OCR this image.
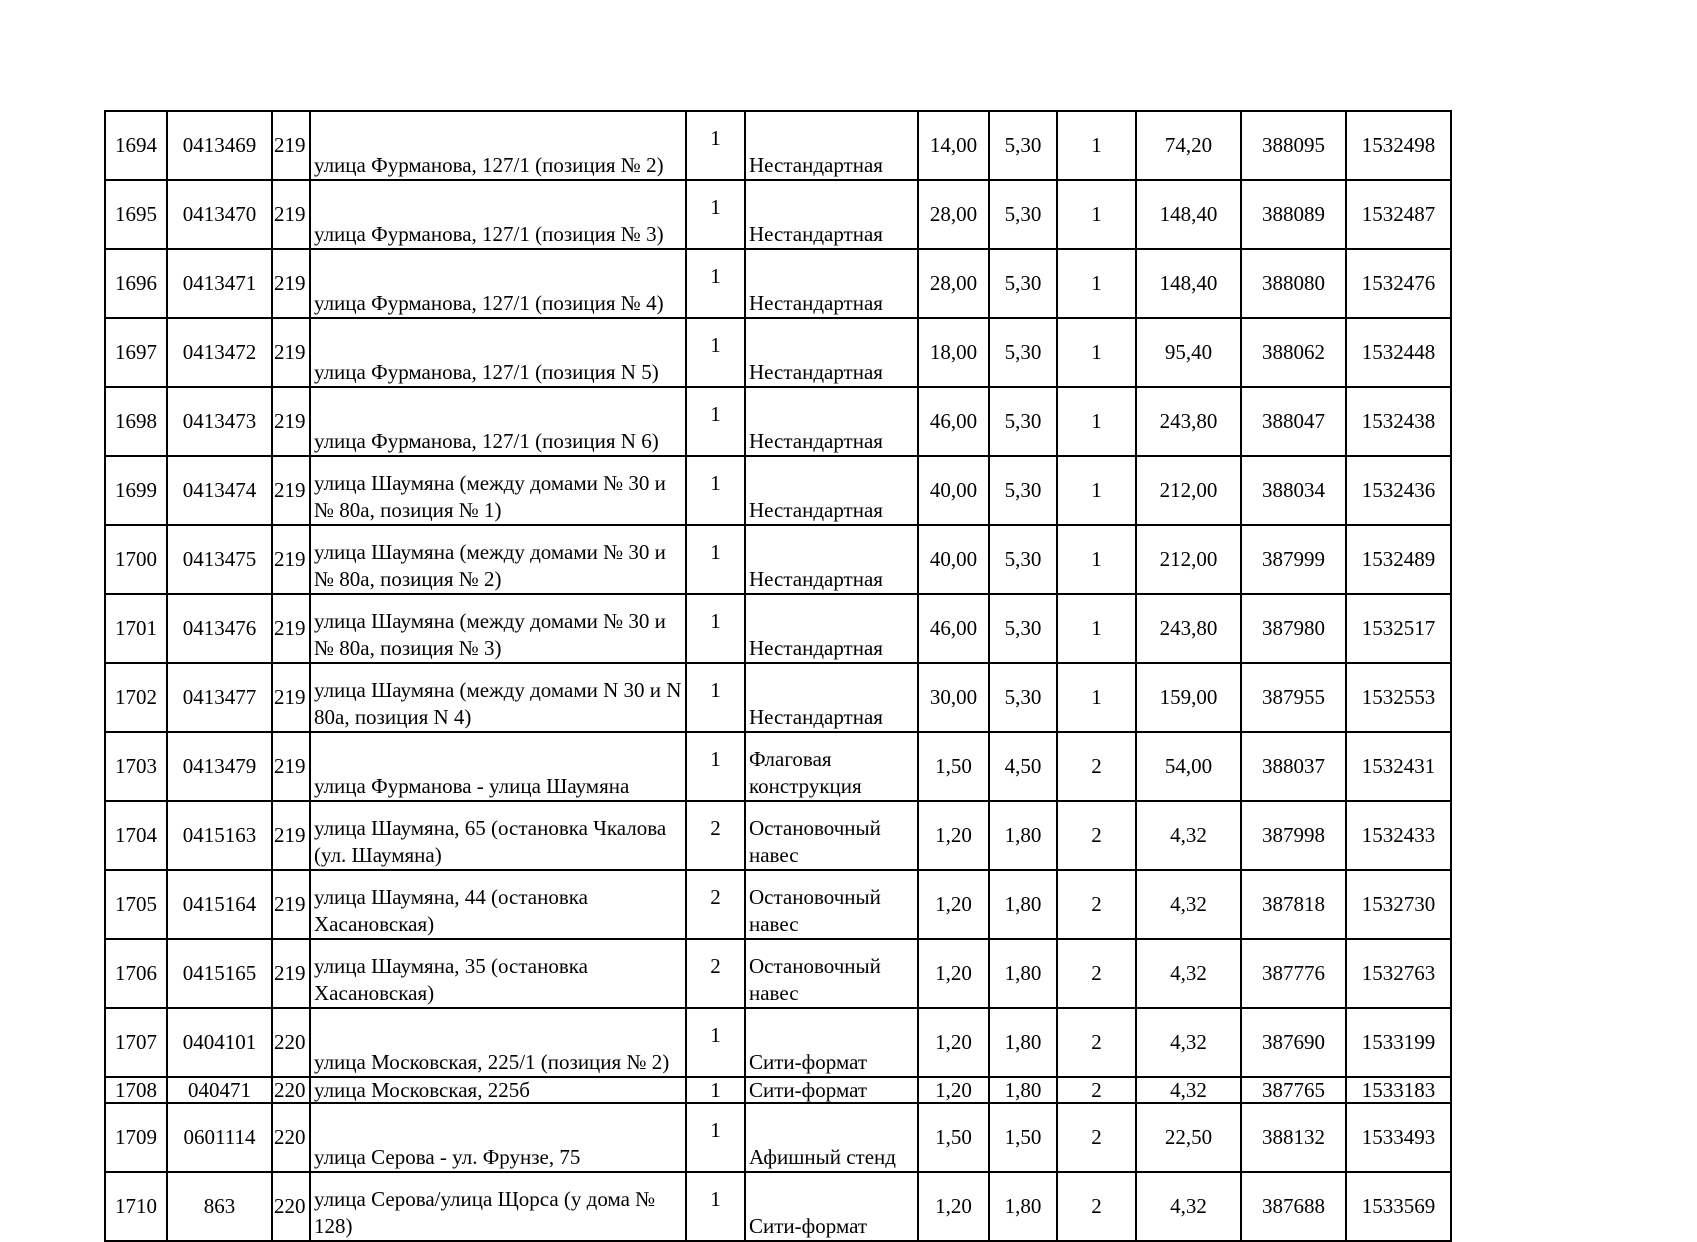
1694	0413469	219	улица Фурманова, 127/1 (позиция № 2)	1	Нестандартная	14,00	5,30	1	74,20	388095	1532498
1695	0413470	219	улица Фурманова, 127/1 (позиция № 3)	1	Нестандартная	28,00	5,30	1	148,40	388089	1532487
1696	0413471	219	улица Фурманова, 127/1 (позиция № 4)	1	Нестандартная	28,00	5,30	1	148,40	388080	1532476
1697	0413472	219	улица Фурманова, 127/1 (позиция N 5)	1	Нестандартная	18,00	5,30	1	95,40	388062	1532448
1698	0413473	219	улица Фурманова, 127/1 (позиция N 6)	1	Нестандартная	46,00	5,30	1	243,80	388047	1532438
1699	0413474	219	улица Шаумяна (между домами № 30 и № 80а, позиция № 1)	1	Нестандартная	40,00	5,30	1	212,00	388034	1532436
1700	0413475	219	улица Шаумяна (между домами № 30 и № 80а, позиция № 2)	1	Нестандартная	40,00	5,30	1	212,00	387999	1532489
1701	0413476	219	улица Шаумяна (между домами № 30 и № 80а, позиция № 3)	1	Нестандартная	46,00	5,30	1	243,80	387980	1532517
1702	0413477	219	улица Шаумяна (между домами N 30 и N 80а, позиция N 4)	1	Нестандартная	30,00	5,30	1	159,00	387955	1532553
1703	0413479	219	улица Фурманова - улица Шаумяна	1	Флаговая конструкция	1,50	4,50	2	54,00	388037	1532431
1704	0415163	219	улица Шаумяна, 65 (остановка Чкалова (ул. Шаумяна)	2	Остановочный навес	1,20	1,80	2	4,32	387998	1532433
1705	0415164	219	улица Шаумяна, 44 (остановка Хасановская)	2	Остановочный навес	1,20	1,80	2	4,32	387818	1532730
1706	0415165	219	улица Шаумяна, 35 (остановка Хасановская)	2	Остановочный навес	1,20	1,80	2	4,32	387776	1532763
1707	0404101	220	улица Московская, 225/1 (позиция № 2)	1	Сити-формат	1,20	1,80	2	4,32	387690	1533199
1708	040471	220	улица Московская, 225б	1	Сити-формат	1,20	1,80	2	4,32	387765	1533183
1709	0601114	220	улица Серова - ул. Фрунзе, 75	1	Афишный стенд	1,50	1,50	2	22,50	388132	1533493
1710	863	220	улица Серова/улица Щорса (у дома № 128)	1	Сити-формат	1,20	1,80	2	4,32	387688	1533569
